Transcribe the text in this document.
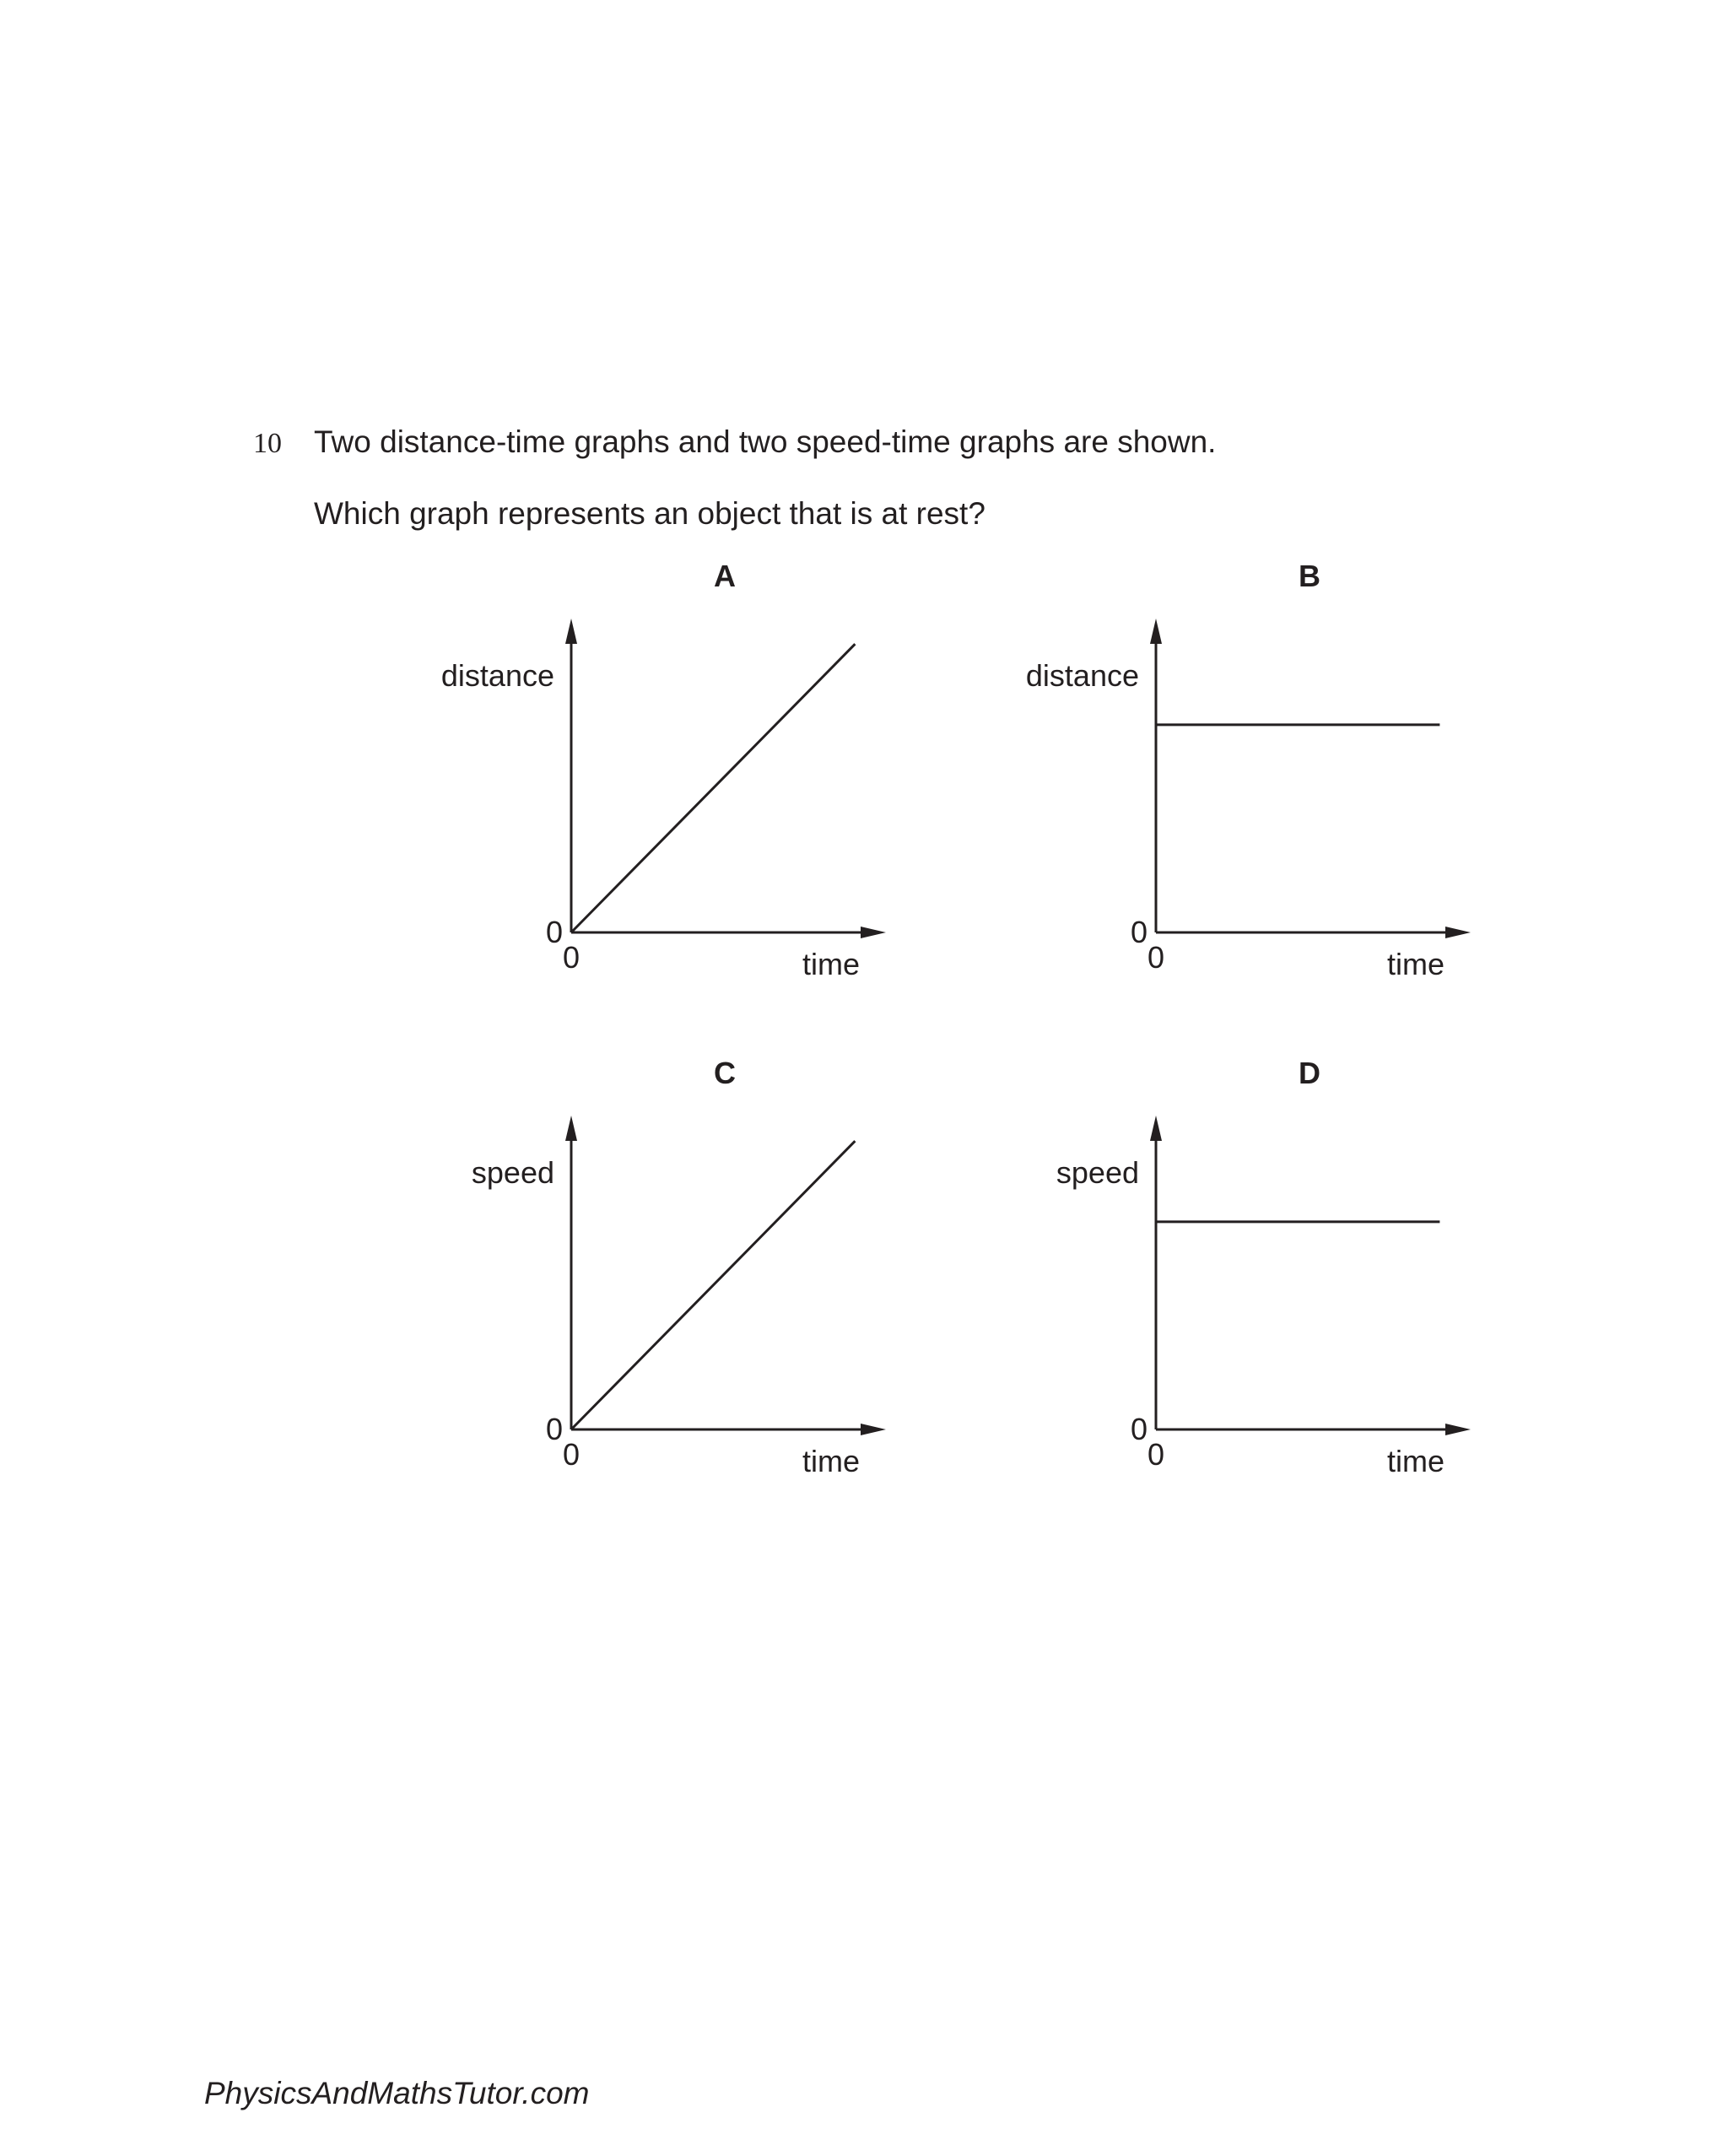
10 Two distance-time graphs and two speed-time graphs are shown.
Which graph represents an object that is at rest?
A
distance
time
0
0
B
distance
time
0
0
C
speed
time
0
0
D
speed
time
0
0
PhysicsAndMathsTutor.com
